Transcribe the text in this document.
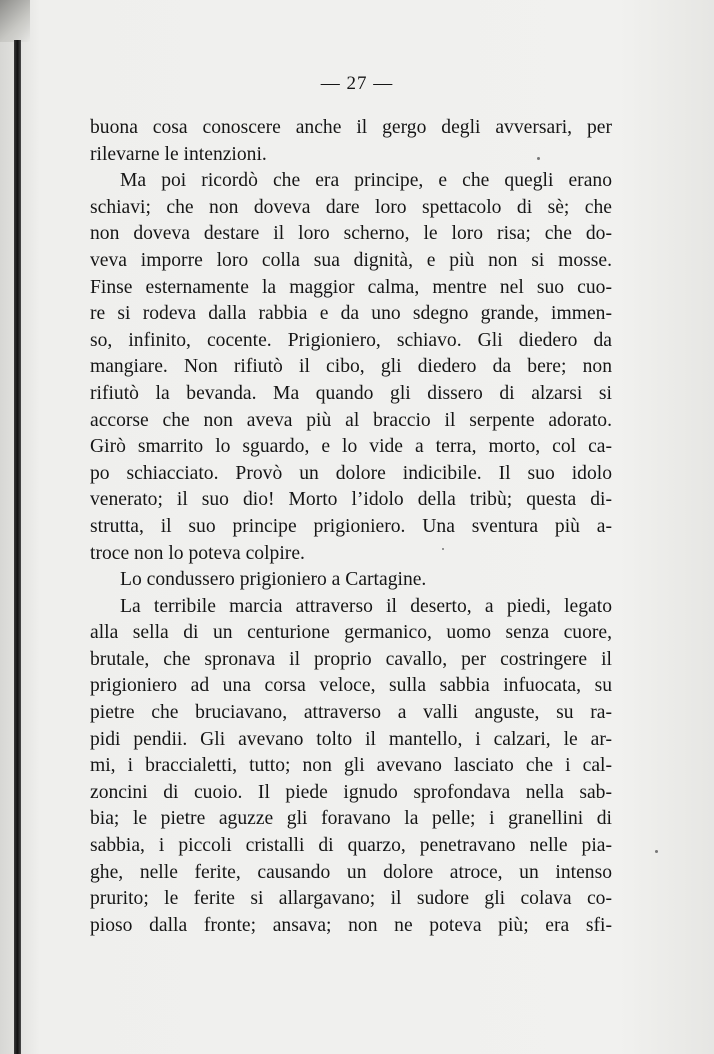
— 27 —
buona cosa conoscere anche il gergo degli avversari, per
rilevarne le intenzioni.
Ma poi ricordò che era principe, e che quegli erano
schiavi; che non doveva dare loro spettacolo di sè; che
non doveva destare il loro scherno, le loro risa; che do-
veva imporre loro colla sua dignità, e più non si mosse.
Finse esternamente la maggior calma, mentre nel suo cuo-
re si rodeva dalla rabbia e da uno sdegno grande, immen-
so, infinito, cocente. Prigioniero, schiavo. Gli diedero da
mangiare. Non rifiutò il cibo, gli diedero da bere; non
rifiutò la bevanda. Ma quando gli dissero di alzarsi si
accorse che non aveva più al braccio il serpente adorato.
Girò smarrito lo sguardo, e lo vide a terra, morto, col ca-
po schiacciato. Provò un dolore indicibile. Il suo idolo
venerato; il suo dio! Morto l’idolo della tribù; questa di-
strutta, il suo principe prigioniero. Una sventura più a-
troce non lo poteva colpire.
Lo condussero prigioniero a Cartagine.
La terribile marcia attraverso il deserto, a piedi, legato
alla sella di un centurione germanico, uomo senza cuore,
brutale, che spronava il proprio cavallo, per costringere il
prigioniero ad una corsa veloce, sulla sabbia infuocata, su
pietre che bruciavano, attraverso a valli anguste, su ra-
pidi pendii. Gli avevano tolto il mantello, i calzari, le ar-
mi, i braccialetti, tutto; non gli avevano lasciato che i cal-
zoncini di cuoio. Il piede ignudo sprofondava nella sab-
bia; le pietre aguzze gli foravano la pelle; i granellini di
sabbia, i piccoli cristalli di quarzo, penetravano nelle pia-
ghe, nelle ferite, causando un dolore atroce, un intenso
prurito; le ferite si allargavano; il sudore gli colava co-
pioso dalla fronte; ansava; non ne poteva più; era sfi-
